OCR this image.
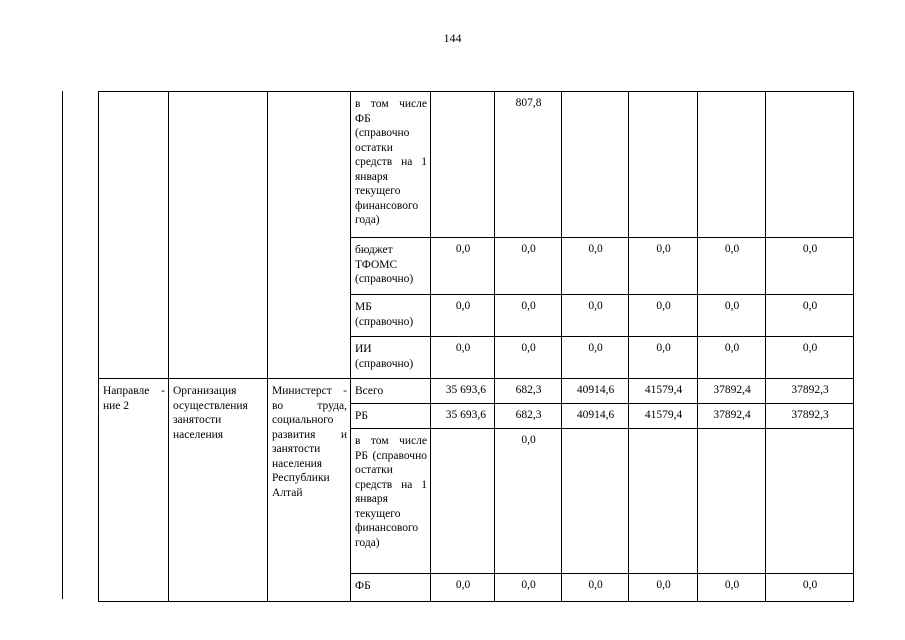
144
			в том числе ФБ (справочно остатки средств на 1 января текущего финансового года)		807,8				
			бюджет ТФОМС (справочно)	0,0	0,0	0,0	0,0	0,0	0,0
			МБ (справочно)	0,0	0,0	0,0	0,0	0,0	0,0
			ИИ (справочно)	0,0	0,0	0,0	0,0	0,0	0,0
Направле - ние 2	Организация осуществления занятости населения	Министерст - во труда, социального развития и занятости населения Республики Алтай	Всего	35 693,6	682,3	40914,6	41579,4	37892,4	37892,3
			РБ	35 693,6	682,3	40914,6	41579,4	37892,4	37892,3
			в том числе РБ (справочно остатки средств на 1 января текущего финансового года)		0,0				
			ФБ	0,0	0,0	0,0	0,0	0,0	0,0
